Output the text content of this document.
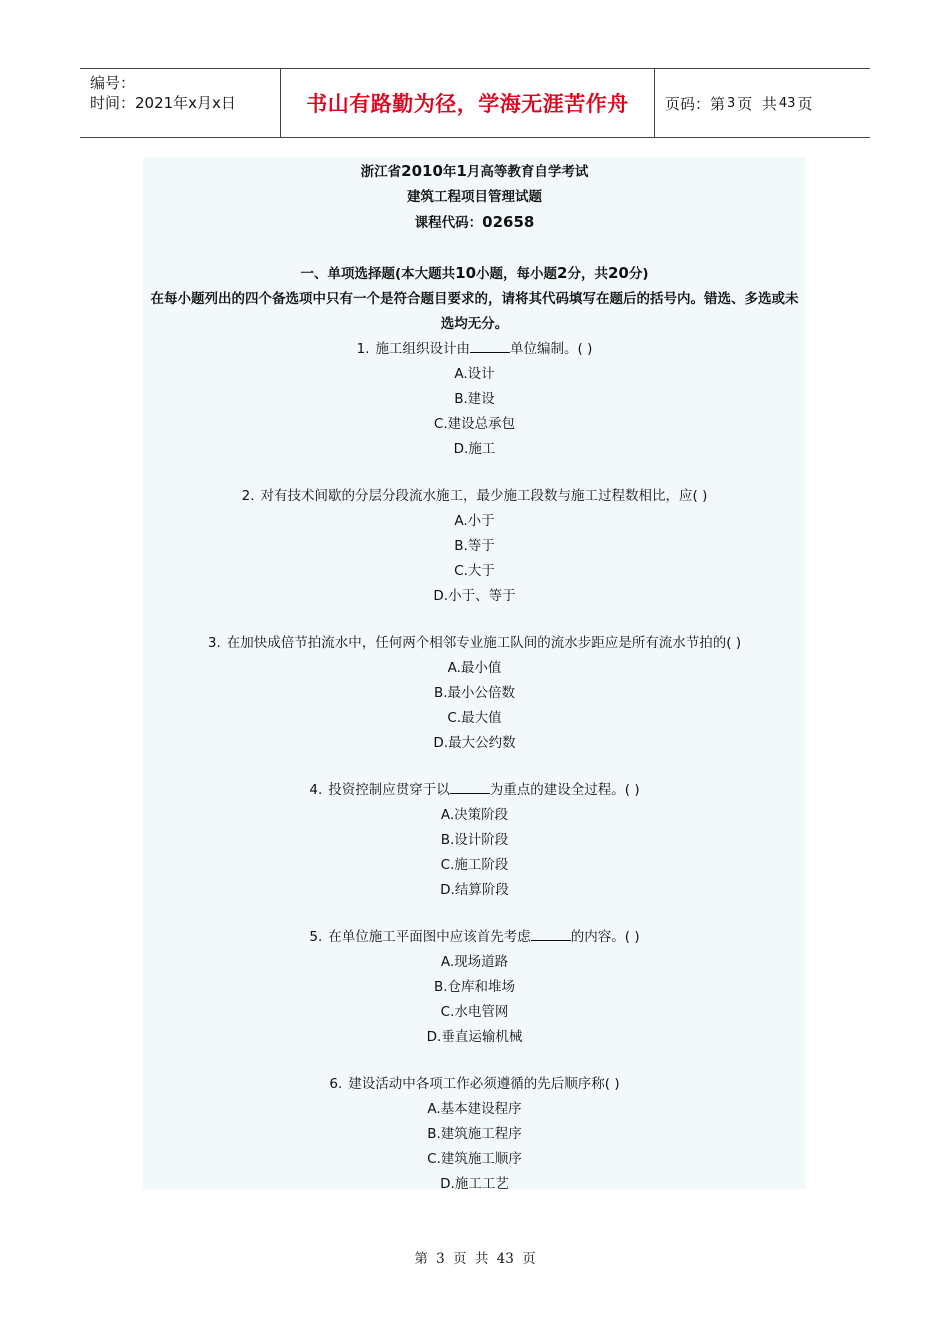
编号：
时间：2021年x月x日	书山有路勤为径，学海无涯苦作舟	页码：第 3 页  共 43 页
浙江省2010年1月高等教育自学考试
建筑工程项目管理试题
课程代码：02658
一、单项选择题(本大题共10小题，每小题2分，共20分)
在每小题列出的四个备选项中只有一个是符合题目要求的，请将其代码填写在题后的括号内。错选、多选或未选均无分。
1. 施工组织设计由	单位编制。( )
A.设计
B.建设
C.建设总承包
D.施工
2. 对有技术间歇的分层分段流水施工，最少施工段数与施工过程数相比，应( )
A.小于
B.等于
C.大于
D.小于、等于
3. 在加快成倍节拍流水中，任何两个相邻专业施工队间的流水步距应是所有流水节拍的( )
A.最小值
B.最小公倍数
C.最大值
D.最大公约数
4. 投资控制应贯穿于以	为重点的建设全过程。( )
A.决策阶段
B.设计阶段
C.施工阶段
D.结算阶段
5. 在单位施工平面图中应该首先考虑	的内容。( )
A.现场道路
B.仓库和堆场
C.水电管网
D.垂直运输机械
6. 建设活动中各项工作必须遵循的先后顺序称( )
A.基本建设程序
B.建筑施工程序
C.建筑施工顺序
D.施工工艺
第 3 页 共 43 页
